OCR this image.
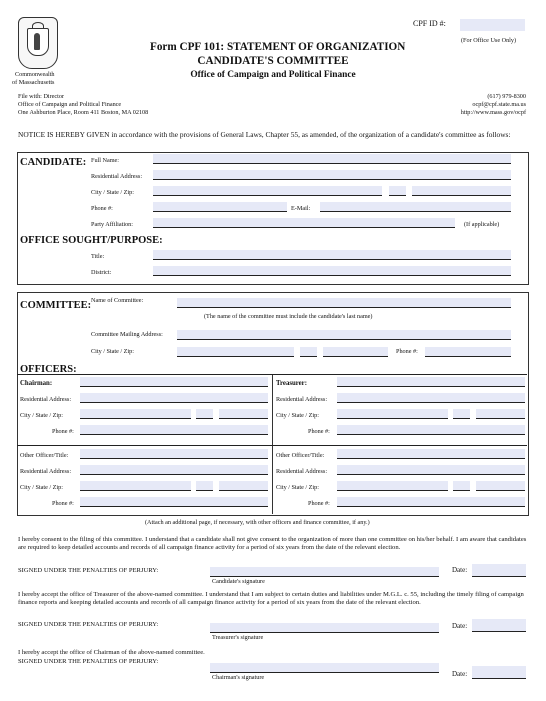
Commonwealth
of Massachusetts
CPF ID #:
(For Office Use Only)
Form CPF 101: STATEMENT OF ORGANIZATION
CANDIDATE'S COMMITTEE
Office of Campaign and Political Finance
File with: Director
Office of Campaign and Political Finance
One Ashburton Place, Room 411 Boston, MA 02108
(617) 979-8300
ocpf@cpf.state.ma.us
http://www.mass.gov/ocpf
NOTICE IS HEREBY GIVEN in accordance with the provisions of General Laws, Chapter 55, as amended, of the organization of a candidate's committee as follows:
CANDIDATE: Full Name:
Residential Address:
City / State / Zip:
Phone #:	E-Mail:
Party Affiliation:	(If applicable)
OFFICE SOUGHT/PURPOSE:
Title:
District:
COMMITTEE: Name of Committee:
(The name of the committee must include the candidate's last name)
Committee Mailing Address:
City / State / Zip:	Phone #:
OFFICERS:
Chairman:
Residential Address:
City / State / Zip:
Phone #:
Treasurer:
Residential Address:
City / State / Zip:
Phone #:
Other Officer/Title:
Residential Address:
City / State / Zip:
Phone #:
Other Officer/Title:
Residential Address:
City / State / Zip:
Phone #:
(Attach an additional page, if necessary, with other officers and finance committee, if any.)
I hereby consent to the filing of this committee. I understand that a candidate shall not give consent to the organization of more than one committee on his/her behalf. I am aware that candidates are required to keep detailed accounts and records of all campaign finance activity for a period of six years from the date of the relevant election.
SIGNED UNDER THE PENALTIES OF PERJURY:
Candidate's signature
Date:
I hereby accept the office of Treasurer of the above-named committee. I understand that I am subject to certain duties and liabilities under M.G.L. c. 55, including the timely filing of campaign finance reports and keeping detailed accounts and records of all campaign finance activity for a period of six years from the date of the relevant election.
SIGNED UNDER THE PENALTIES OF PERJURY:
Treasurer's signature
Date:
I hereby accept the office of Chairman of the above-named committee.
SIGNED UNDER THE PENALTIES OF PERJURY:
Chairman's signature	Date:
